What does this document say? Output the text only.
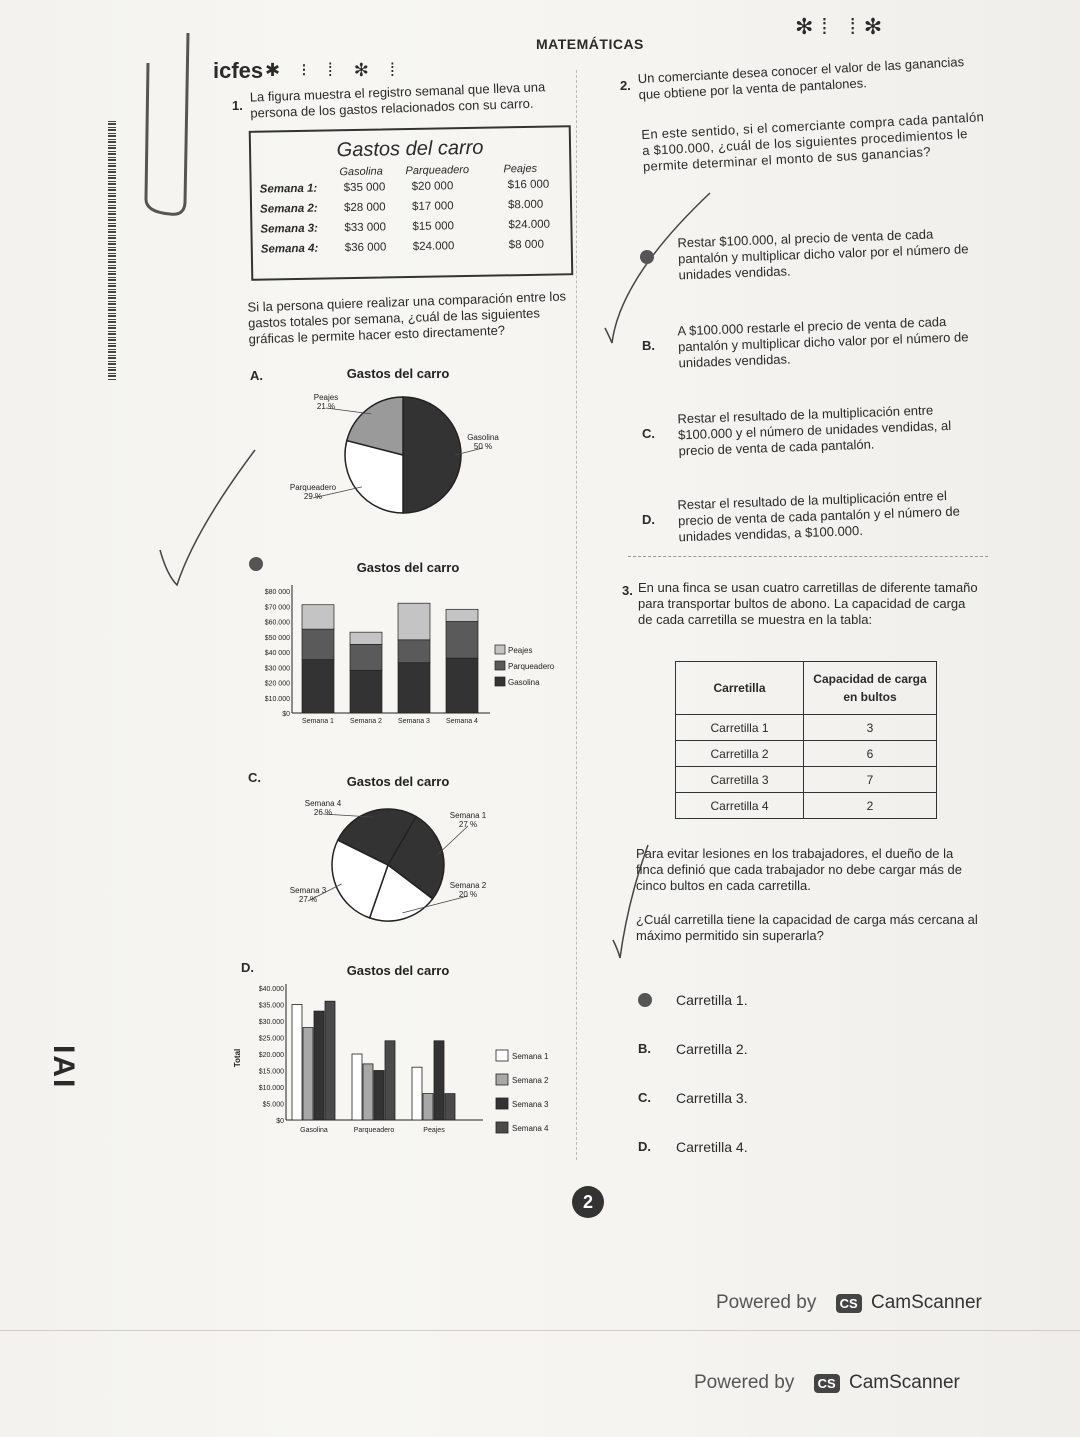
IAI
icfes ✱ ⁝ ⁞ ✻ ⁞
MATEMÁTICAS
✻⁞ ⁞✻
1.
La figura muestra el registro semanal que lleva una persona de los gastos relacionados con su carro.
Gastos del carro
Gasolina	Parqueadero	Peajes
Semana 1:	$35 000	$20 000	$16 000
Semana 2:	$28 000	$17 000	$8.000
Semana 3:	$33 000	$15 000	$24.000
Semana 4:	$36 000	$24.000	$8 000
Si la persona quiere realizar una comparación entre los gastos totales por semana, ¿cuál de las siguientes gráficas le permite hacer esto directamente?
A.
C.
D.
Gastos del carro
Gasolina
50 %
Parqueadero
29 %
Peajes
21 %
Gastos del carro
$0
$10.000
$20 000
$30 000
$40 000
$50 000
$60.000
$70 000
$80 000
Semana 1 Semana 2 Semana 3 Semana 4
Peajes
Parqueadero
Gasolina
Gastos del carro
Semana 1
27 %
Semana 2
20 %
Semana 3
27 %
Semana 4
26 %
Gastos del carro
$0
$5.000
$10.000
$15.000
$20.000
$25.000
$30.000
$35.000
$40.000
Total
Gasolina	Parqueadero	Peajes
Semana 1
Semana 2
Semana 3
Semana 4
2. Un comerciante desea conocer el valor de las ganancias que obtiene por la venta de pantalones.
En este sentido, si el comerciante compra cada pantalón a $100.000, ¿cuál de los siguientes procedimientos le permite determinar el monto de sus ganancias?
3. En una finca se usan cuatro carretillas de diferente tamaño para transportar bultos de abono. La capacidad de carga de cada carretilla se muestra en la tabla:
Carretilla	Capacidad de carga en bultos
Carretilla 1	3
Carretilla 2	6
Carretilla 3	7
Carretilla 4	2
Para evitar lesiones en los trabajadores, el dueño de la finca definió que cada trabajador no debe cargar más de cinco bultos en cada carretilla.
¿Cuál carretilla tiene la capacidad de carga más cercana al máximo permitido sin superarla?
2
Powered by CS CamScanner
Powered by CS CamScanner
Restar $100.000, al precio de venta de cada pantalón y multiplicar dicho valor por el número de unidades vendidas.
B.
A $100.000 restarle el precio de venta de cada pantalón y multiplicar dicho valor por el número de unidades vendidas.
C.
Restar el resultado de la multiplicación entre $100.000 y el número de unidades vendidas, al precio de venta de cada pantalón.
D.
Restar el resultado de la multiplicación entre el precio de venta de cada pantalón y el número de unidades vendidas, a $100.000.
Carretilla 1.
B. Carretilla 2.
C. Carretilla 3.
D. Carretilla 4.
